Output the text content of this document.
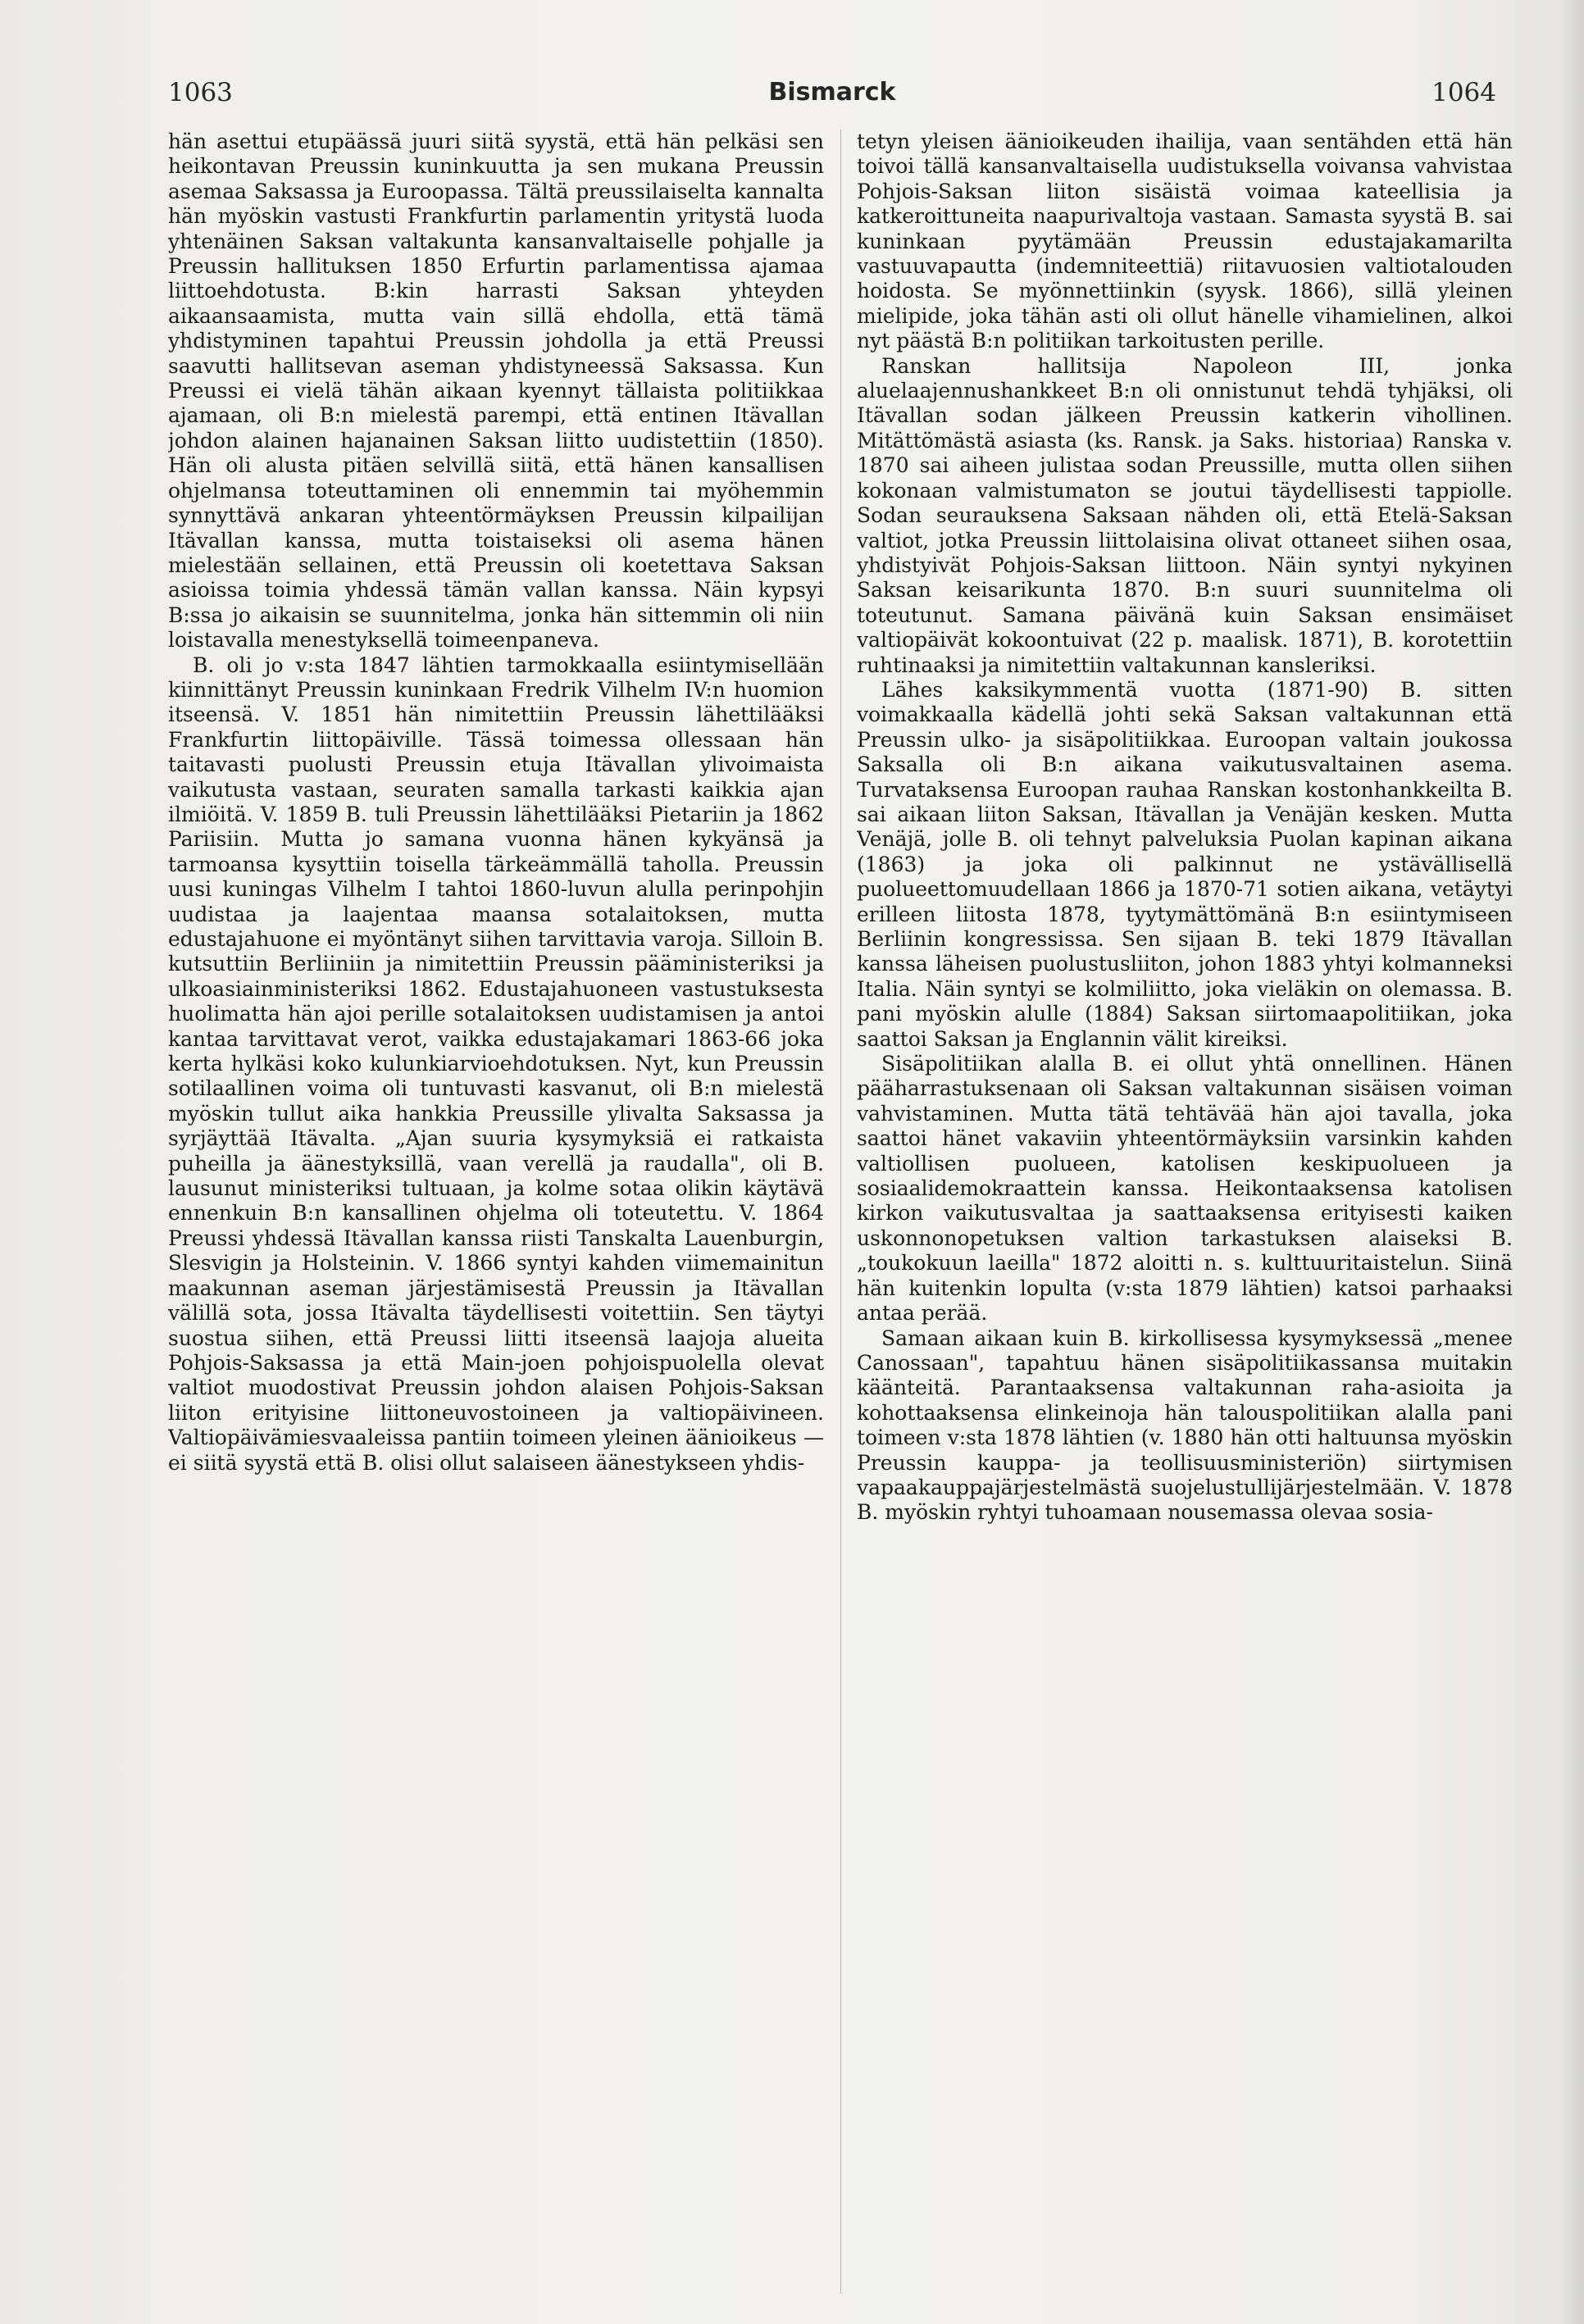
1063	Bismarck	1064

hän asettui etupäässä juuri siitä syystä, että hän pelkäsi sen heikontavan Preussin kuninkuutta ja sen mukana Preussin asemaa Saksassa ja Euroopassa. Tältä preussilaiselta kannalta hän myöskin vastusti Frankfurtin parlamentin yritystä luoda yhtenäinen Saksan valtakunta kansanvaltaiselle pohjalle ja Preussin hallituksen 1850 Erfurtin parlamentissa ajamaa liittoehdotusta. B:kin harrasti Saksan yhteyden aikaansaamista, mutta vain sillä ehdolla, että tämä yhdistyminen tapahtui Preussin johdolla ja että Preussi saavutti hallitsevan aseman yhdistyneessä Saksassa. Kun Preussi ei vielä tähän aikaan kyennyt tällaista politiikkaa ajamaan, oli B:n mielestä parempi, että entinen Itävallan johdon alainen hajanainen Saksan liitto uudistettiin (1850). Hän oli alusta pitäen selvillä siitä, että hänen kansallisen ohjelmansa toteuttaminen oli ennemmin tai myöhemmin synnyttävä ankaran yhteentörmäyksen Preussin kilpailijan Itävallan kanssa, mutta toistaiseksi oli asema hänen mielestään sellainen, että Preussin oli koetettava Saksan asioissa toimia yhdessä tämän vallan kanssa. Näin kypsyi B:ssa jo aikaisin se suunnitelma, jonka hän sittemmin oli niin loistavalla menestyksellä toimeenpaneva.

B. oli jo v:sta 1847 lähtien tarmokkaalla esiintymisellään kiinnittänyt Preussin kuninkaan Fredrik Vilhelm IV:n huomion itseensä. V. 1851 hän nimitettiin Preussin lähettilääksi Frankfurtin liittopäiville. Tässä toimessa ollessaan hän taitavasti puolusti Preussin etuja Itävallan ylivoimaista vaikutusta vastaan, seuraten samalla tarkasti kaikkia ajan ilmiöitä. V. 1859 B. tuli Preussin lähettilääksi Pietariin ja 1862 Pariisiin. Mutta jo samana vuonna hänen kykyänsä ja tarmoansa kysyttiin toisella tärkeämmällä taholla. Preussin uusi kuningas Vilhelm I tahtoi 1860-luvun alulla perinpohjin uudistaa ja laajentaa maansa sotalaitoksen, mutta edustajahuone ei myöntänyt siihen tarvittavia varoja. Silloin B. kutsuttiin Berliiniin ja nimitettiin Preussin pääministeriksi ja ulkoasiainministeriksi 1862. Edustajahuoneen vastustuksesta huolimatta hän ajoi perille sotalaitoksen uudistamisen ja antoi kantaa tarvittavat verot, vaikka edustajakamari 1863-66 joka kerta hylkäsi koko kulunkiarvioehdotuksen. Nyt, kun Preussin sotilaallinen voima oli tuntuvasti kasvanut, oli B:n mielestä myöskin tullut aika hankkia Preussille ylivalta Saksassa ja syrjäyttää Itävalta. „Ajan suuria kysymyksiä ei ratkaista puheilla ja äänestyksillä, vaan verellä ja raudalla", oli B. lausunut ministeriksi tultuaan, ja kolme sotaa olikin käytävä ennenkuin B:n kansallinen ohjelma oli toteutettu. V. 1864 Preussi yhdessä Itävallan kanssa riisti Tanskalta Lauenburgin, Slesvigin ja Holsteinin. V. 1866 syntyi kahden viimemainitun maakunnan aseman järjestämisestä Preussin ja Itävallan välillä sota, jossa Itävalta täydellisesti voitettiin. Sen täytyi suostua siihen, että Preussi liitti itseensä laajoja alueita Pohjois-Saksassa ja että Main-joen pohjoispuolella olevat valtiot muodostivat Preussin johdon alaisen Pohjois-Saksan liiton erityisine liittoneuvostoineen ja valtiopäivineen. Valtiopäivämiesvaaleissa pantiin toimeen yleinen äänioikeus — ei siitä syystä että B. olisi ollut salaiseen äänestykseen yhdis-

tetyn yleisen äänioikeuden ihailija, vaan sentähden että hän toivoi tällä kansanvaltaisella uudistuksella voivansa vahvistaa Pohjois-Saksan liiton sisäistä voimaa kateellisia ja katkeroittuneita naapurivaltoja vastaan. Samasta syystä B. sai kuninkaan pyytämään Preussin edustajakamarilta vastuuvapautta (indemniteettiä) riitavuosien valtiotalouden hoidosta. Se myönnettiinkin (syysk. 1866), sillä yleinen mielipide, joka tähän asti oli ollut hänelle vihamielinen, alkoi nyt päästä B:n politiikan tarkoitusten perille.

Ranskan hallitsija Napoleon III, jonka aluelaajennushankkeet B:n oli onnistunut tehdä tyhjäksi, oli Itävallan sodan jälkeen Preussin katkerin vihollinen. Mitättömästä asiasta (ks. Ransk. ja Saks. historiaa) Ranska v. 1870 sai aiheen julistaa sodan Preussille, mutta ollen siihen kokonaan valmistumaton se joutui täydellisesti tappiolle. Sodan seurauksena Saksaan nähden oli, että Etelä-Saksan valtiot, jotka Preussin liittolaisina olivat ottaneet siihen osaa, yhdistyivät Pohjois-Saksan liittoon. Näin syntyi nykyinen Saksan keisarikunta 1870. B:n suuri suunnitelma oli toteutunut. Samana päivänä kuin Saksan ensimäiset valtiopäivät kokoontuivat (22 p. maalisk. 1871), B. korotettiin ruhtinaaksi ja nimitettiin valtakunnan kansleriksi.

Lähes kaksikymmentä vuotta (1871-90) B. sitten voimakkaalla kädellä johti sekä Saksan valtakunnan että Preussin ulko- ja sisäpolitiikkaa. Euroopan valtain joukossa Saksalla oli B:n aikana vaikutusvaltainen asema. Turvataksensa Euroopan rauhaa Ranskan kostonhankkeilta B. sai aikaan liiton Saksan, Itävallan ja Venäjän kesken. Mutta Venäjä, jolle B. oli tehnyt palveluksia Puolan kapinan aikana (1863) ja joka oli palkinnut ne ystävällisellä puolueettomuudellaan 1866 ja 1870-71 sotien aikana, vetäytyi erilleen liitosta 1878, tyytymättömänä B:n esiintymiseen Berliinin kongressissa. Sen sijaan B. teki 1879 Itävallan kanssa läheisen puolustusliiton, johon 1883 yhtyi kolmanneksi Italia. Näin syntyi se kolmiliitto, joka vieläkin on olemassa. B. pani myöskin alulle (1884) Saksan siirtomaapolitiikan, joka saattoi Saksan ja Englannin välit kireiksi.

Sisäpolitiikan alalla B. ei ollut yhtä onnellinen. Hänen pääharrastuksenaan oli Saksan valtakunnan sisäisen voiman vahvistaminen. Mutta tätä tehtävää hän ajoi tavalla, joka saattoi hänet vakaviin yhteentörmäyksiin varsinkin kahden valtiollisen puolueen, katolisen keskipuolueen ja sosiaalidemokraattein kanssa. Heikontaaksensa katolisen kirkon vaikutusvaltaa ja saattaaksensa erityisesti kaiken uskonnonopetuksen valtion tarkastuksen alaiseksi B. „toukokuun laeilla" 1872 aloitti n. s. kulttuuritaistelun. Siinä hän kuitenkin lopulta (v:sta 1879 lähtien) katsoi parhaaksi antaa perää.

Samaan aikaan kuin B. kirkollisessa kysymyksessä „menee Canossaan", tapahtuu hänen sisäpolitiikassansa muitakin käänteitä. Parantaaksensa valtakunnan raha-asioita ja kohottaaksensa elinkeinoja hän talouspolitiikan alalla pani toimeen v:sta 1878 lähtien (v. 1880 hän otti haltuunsa myöskin Preussin kauppa- ja teollisuusministeriön) siirtymisen vapaakauppajärjestelmästä suojelustullijärjestelmään. V. 1878 B. myöskin ryhtyi tuhoamaan nousemassa olevaa sosia-
